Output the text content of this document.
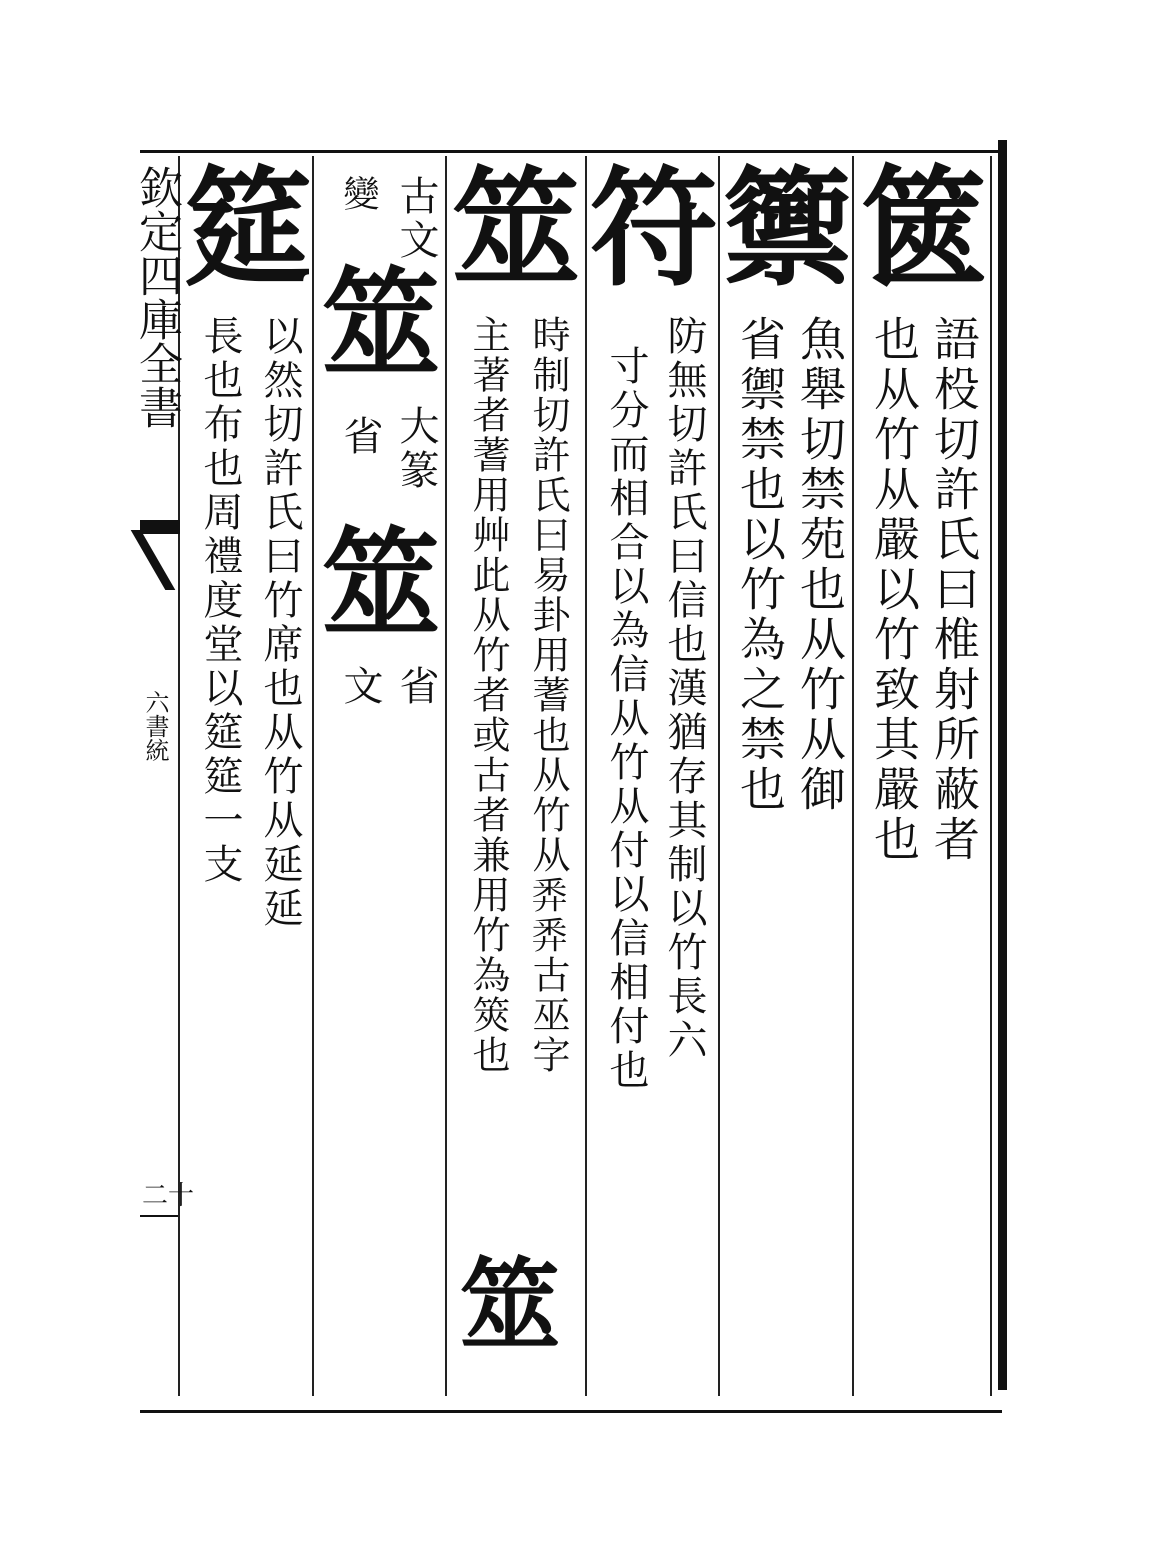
欽定四庫全書
六書統
二十
篋
語杸切許氏曰椎射所蔽者
也从竹从嚴以竹致其嚴也
籞
魚舉切禁苑也从竹从御
省禦禁也以竹為之禁也
符
防無切許氏曰信也漢猶存其制以竹長六
寸分而相合以為信从竹从付以信相付也
筮
時制切許氏曰易卦用蓍也从竹从𢍏𢍏古巫字
主著者蓍用艸此从竹者或古者兼用竹為筴也
筮
古文
變
筮
大篆
省
筮
省
文
筵
以然切許氏曰竹席也从竹从延延
長也布也周禮度堂以筵筵一支
